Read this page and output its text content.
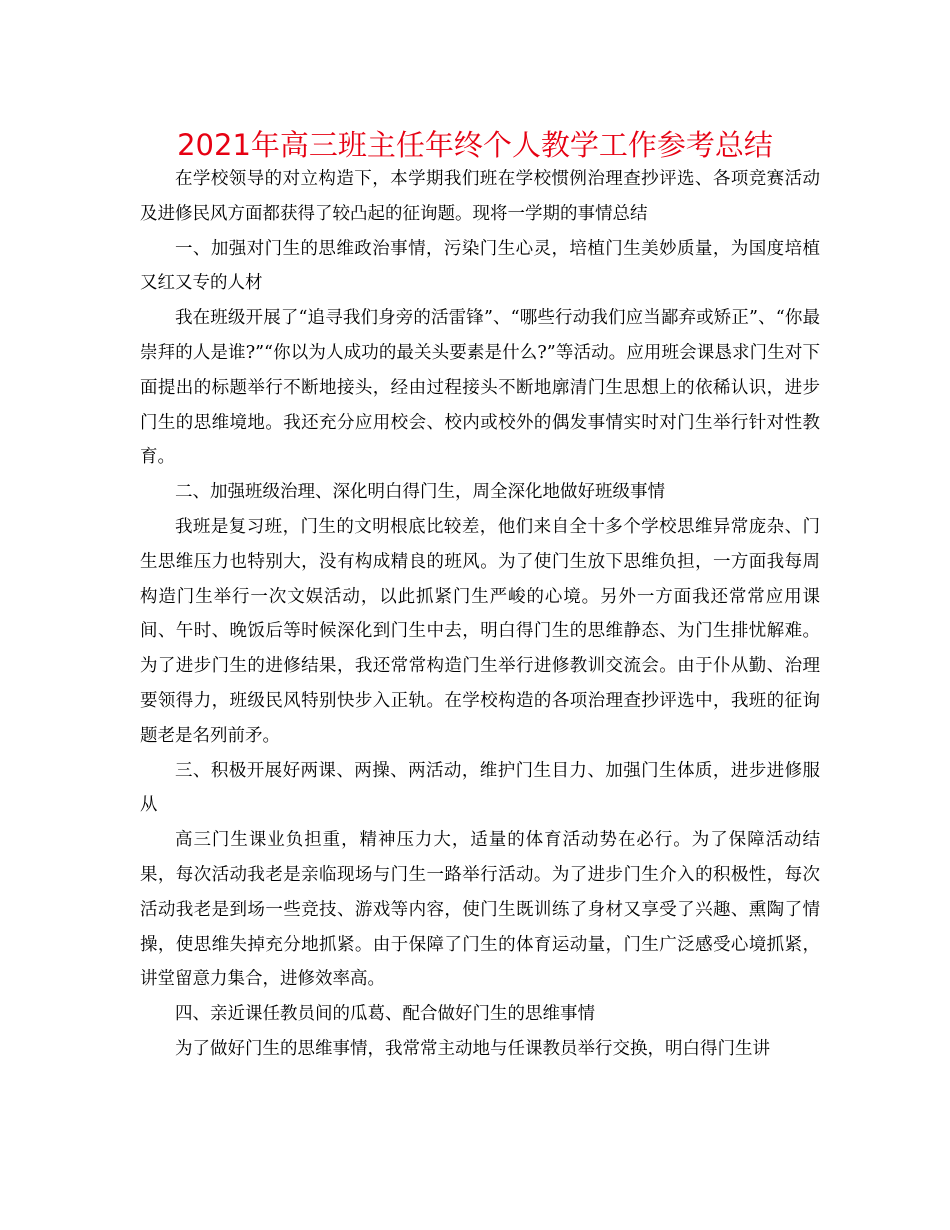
2021年高三班主任年终个人教学工作参考总结

在学校领导的对立构造下，本学期我们班在学校惯例治理查抄评选、各项竞赛活动及进修民风方面都获得了较凸起的征询题。现将一学期的事情总结

一、加强对门生的思维政治事情，污染门生心灵，培植门生美妙质量，为国度培植又红又专的人材

我在班级开展了“追寻我们身旁的活雷锋”、“哪些行动我们应当鄙弃或矫正”、“你最崇拜的人是谁?”“你以为人成功的最关头要素是什么?”等活动。应用班会课恳求门生对下面提出的标题举行不断地接头，经由过程接头不断地廓清门生思想上的依稀认识，进步门生的思维境地。我还充分应用校会、校内或校外的偶发事情实时对门生举行针对性教育。

二、加强班级治理、深化明白得门生，周全深化地做好班级事情

我班是复习班，门生的文明根底比较差，他们来自全十多个学校思维异常庞杂、门生思维压力也特别大，没有构成精良的班风。为了使门生放下思维负担，一方面我每周构造门生举行一次文娱活动，以此抓紧门生严峻的心境。另外一方面我还常常应用课间、午时、晚饭后等时候深化到门生中去，明白得门生的思维静态、为门生排忧解难。为了进步门生的进修结果，我还常常构造门生举行进修教训交流会。由于仆从勤、治理要领得力，班级民风特别快步入正轨。在学校构造的各项治理查抄评选中，我班的征询题老是名列前矛。

三、积极开展好两课、两操、两活动，维护门生目力、加强门生体质，进步进修服从

高三门生课业负担重，精神压力大，适量的体育活动势在必行。为了保障活动结果，每次活动我老是亲临现场与门生一路举行活动。为了进步门生介入的积极性，每次活动我老是到场一些竞技、游戏等内容，使门生既训练了身材又享受了兴趣、熏陶了情操，使思维失掉充分地抓紧。由于保障了门生的体育运动量，门生广泛感受心境抓紧，讲堂留意力集合，进修效率高。

四、亲近课任教员间的瓜葛、配合做好门生的思维事情

为了做好门生的思维事情，我常常主动地与任课教员举行交换，明白得门生讲
